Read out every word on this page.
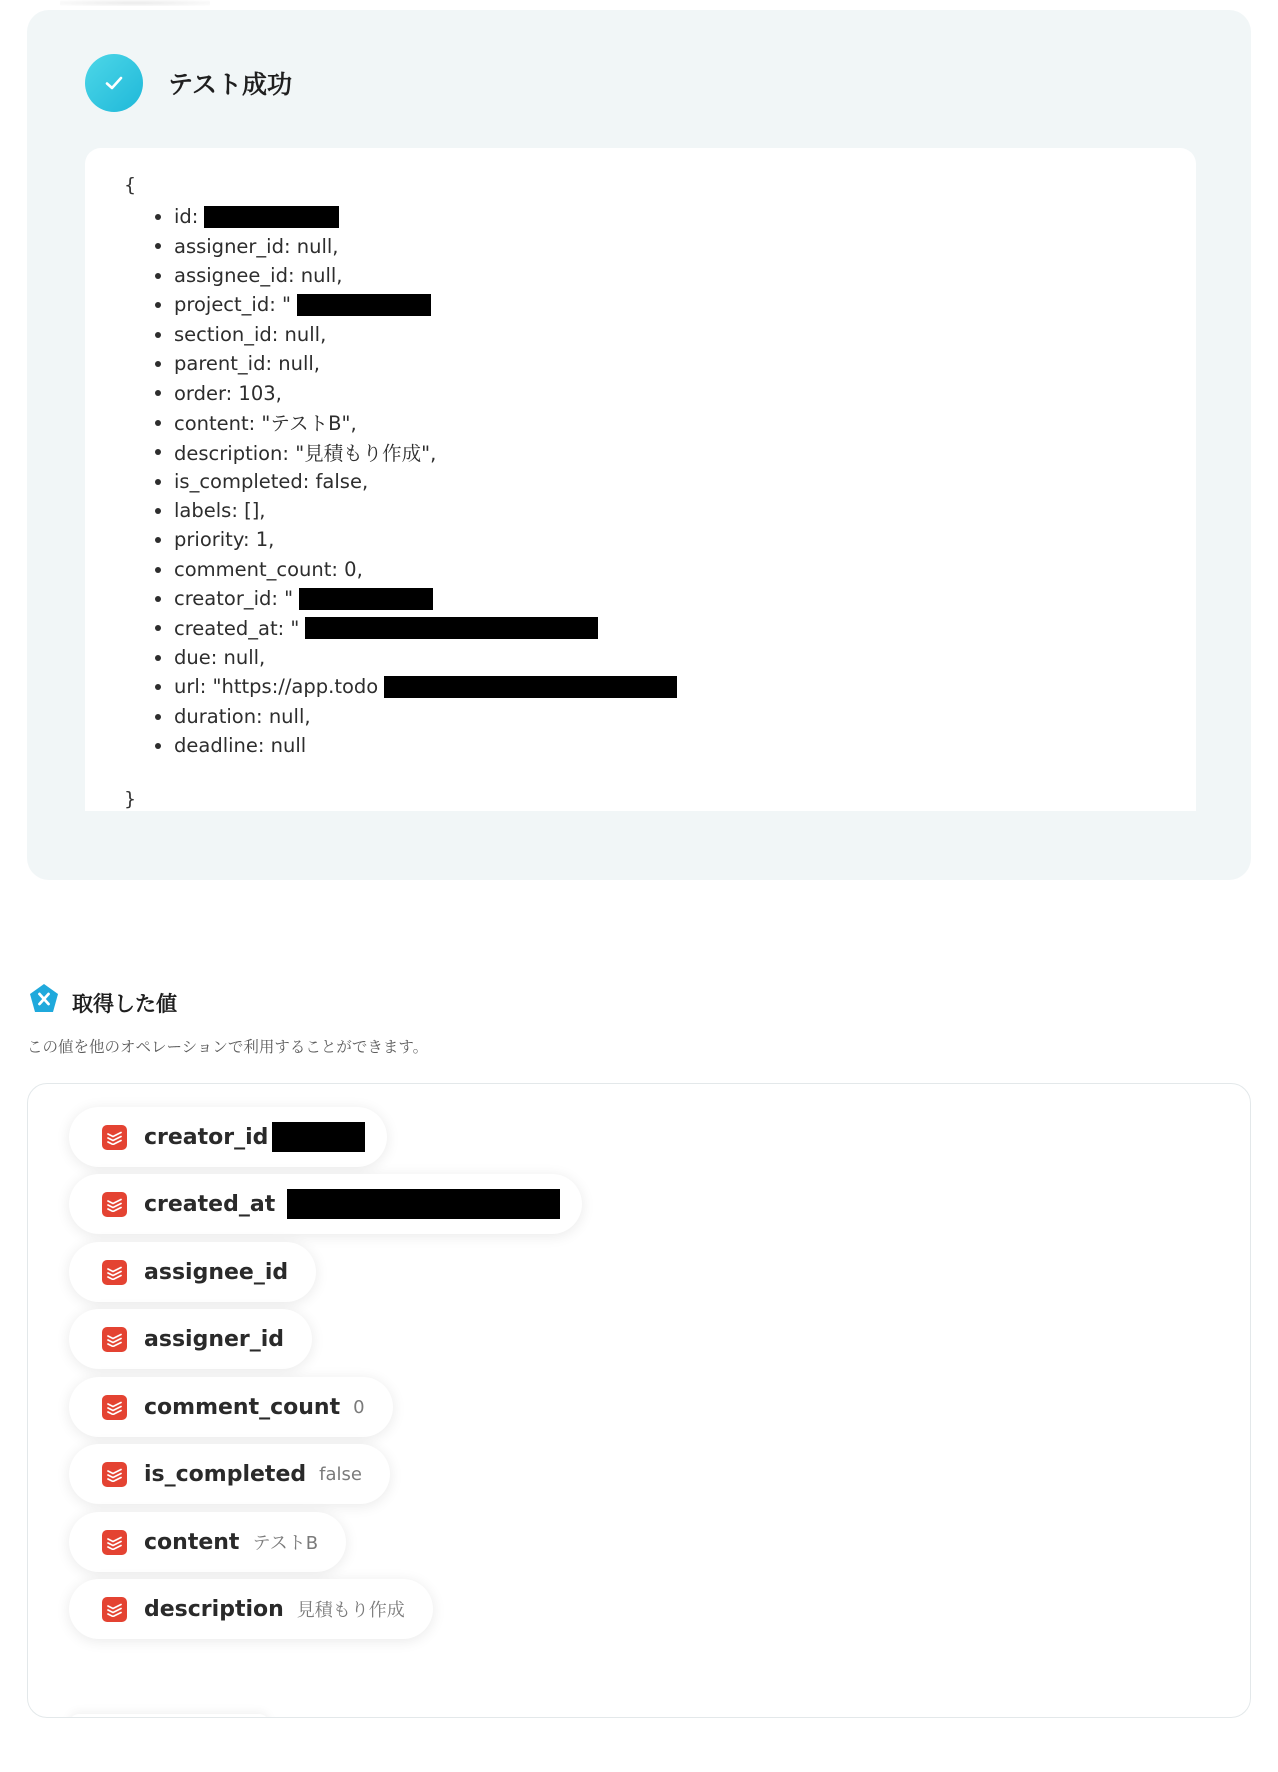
テスト成功
{
id:
assigner_id: null,
assignee_id: null,
project_id: "
section_id: null,
parent_id: null,
order: 103,
content: "テストB",
description: "見積もり作成",
is_completed: false,
labels: [],
priority: 1,
comment_count: 0,
creator_id: "
created_at: "
due: null,
url: "https://app.todo
duration: null,
deadline: null
}
取得した値
この値を他のオペレーションで利用することができます。
creator_id
created_at
assignee_id
assigner_id
comment_count 0
is_completed false
content テストB
description 見積もり作成
